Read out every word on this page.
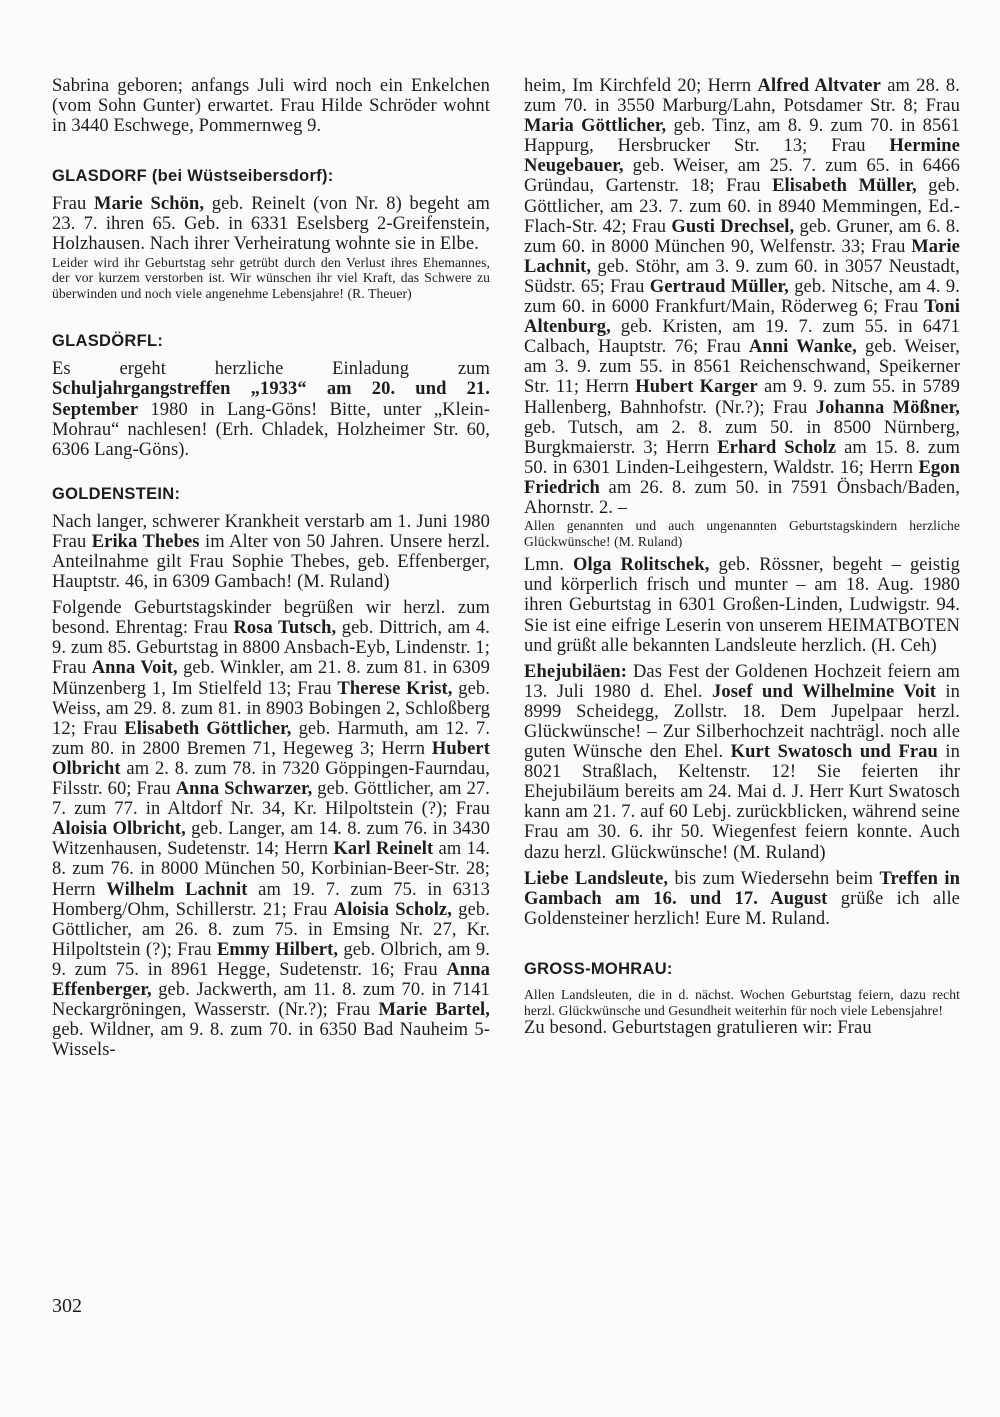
Sabrina geboren; anfangs Juli wird noch ein Enkelchen (vom Sohn Gunter) erwartet. Frau Hilde Schröder wohnt in 3440 Eschwege, Pommernweg 9.

GLASDORF (bei Wüstseibersdorf):

Frau Marie Schön, geb. Reinelt (von Nr. 8) begeht am 23. 7. ihren 65. Geb. in 6331 Eselsberg 2-Greifenstein, Holzhausen. Nach ihrer Verheiratung wohnte sie in Elbe.

Leider wird ihr Geburtstag sehr getrübt durch den Verlust ihres Ehemannes, der vor kurzem verstorben ist. Wir wünschen ihr viel Kraft, das Schwere zu überwinden und noch viele angenehme Lebensjahre! (R. Theuer)

GLASDÖRFL:

Es ergeht herzliche Einladung zum Schuljahrgangstreffen „1933“ am 20. und 21. September 1980 in Lang-Göns! Bitte, unter „Klein-Mohrau“ nachlesen! (Erh. Chladek, Holzheimer Str. 60, 6306 Lang-Göns).

GOLDENSTEIN:

Nach langer, schwerer Krankheit verstarb am 1. Juni 1980 Frau Erika Thebes im Alter von 50 Jahren. Unsere herzl. Anteilnahme gilt Frau Sophie Thebes, geb. Effenberger, Hauptstr. 46, in 6309 Gambach! (M. Ruland)

Folgende Geburtstagskinder begrüßen wir herzl. zum besond. Ehrentag: Frau Rosa Tutsch, geb. Dittrich, am 4. 9. zum 85. Geburtstag in 8800 Ansbach-Eyb, Lindenstr. 1; Frau Anna Voit, geb. Winkler, am 21. 8. zum 81. in 6309 Münzenberg 1, Im Stielfeld 13; Frau Therese Krist, geb. Weiss, am 29. 8. zum 81. in 8903 Bobingen 2, Schloßberg 12; Frau Elisabeth Göttlicher, geb. Harmuth, am 12. 7. zum 80. in 2800 Bremen 71, Hegeweg 3; Herrn Hubert Olbricht am 2. 8. zum 78. in 7320 Göppingen-Faurndau, Filsstr. 60; Frau Anna Schwarzer, geb. Göttlicher, am 27. 7. zum 77. in Altdorf Nr. 34, Kr. Hilpoltstein (?); Frau Aloisia Olbricht, geb. Langer, am 14. 8. zum 76. in 3430 Witzenhausen, Sudetenstr. 14; Herrn Karl Reinelt am 14. 8. zum 76. in 8000 München 50, Korbinian-Beer-Str. 28; Herrn Wilhelm Lachnit am 19. 7. zum 75. in 6313 Homberg/Ohm, Schillerstr. 21; Frau Aloisia Scholz, geb. Göttlicher, am 26. 8. zum 75. in Emsing Nr. 27, Kr. Hilpoltstein (?); Frau Emmy Hilbert, geb. Olbrich, am 9. 9. zum 75. in 8961 Hegge, Sudetenstr. 16; Frau Anna Effenberger, geb. Jackwerth, am 11. 8. zum 70. in 7141 Neckargröningen, Wasserstr. (Nr.?); Frau Marie Bartel, geb. Wildner, am 9. 8. zum 70. in 6350 Bad Nauheim 5-Wissels-

heim, Im Kirchfeld 20; Herrn Alfred Altvater am 28. 8. zum 70. in 3550 Marburg/Lahn, Potsdamer Str. 8; Frau Maria Göttlicher, geb. Tinz, am 8. 9. zum 70. in 8561 Happurg, Hersbrucker Str. 13; Frau Hermine Neugebauer, geb. Weiser, am 25. 7. zum 65. in 6466 Gründau, Gartenstr. 18; Frau Elisabeth Müller, geb. Göttlicher, am 23. 7. zum 60. in 8940 Memmingen, Ed.-Flach-Str. 42; Frau Gusti Drechsel, geb. Gruner, am 6. 8. zum 60. in 8000 München 90, Welfenstr. 33; Frau Marie Lachnit, geb. Stöhr, am 3. 9. zum 60. in 3057 Neustadt, Südstr. 65; Frau Gertraud Müller, geb. Nitsche, am 4. 9. zum 60. in 6000 Frankfurt/Main, Röderweg 6; Frau Toni Altenburg, geb. Kristen, am 19. 7. zum 55. in 6471 Calbach, Hauptstr. 76; Frau Anni Wanke, geb. Weiser, am 3. 9. zum 55. in 8561 Reichenschwand, Speikerner Str. 11; Herrn Hubert Karger am 9. 9. zum 55. in 5789 Hallenberg, Bahnhofstr. (Nr.?); Frau Johanna Mößner, geb. Tutsch, am 2. 8. zum 50. in 8500 Nürnberg, Burgkmaierstr. 3; Herrn Erhard Scholz am 15. 8. zum 50. in 6301 Linden-Leihgestern, Waldstr. 16; Herrn Egon Friedrich am 26. 8. zum 50. in 7591 Önsbach/Baden, Ahornstr. 2. –

Allen genannten und auch ungenannten Geburtstagskindern herzliche Glückwünsche! (M. Ruland)

Lmn. Olga Rolitschek, geb. Rössner, begeht – geistig und körperlich frisch und munter – am 18. Aug. 1980 ihren Geburtstag in 6301 Großen-Linden, Ludwigstr. 94. Sie ist eine eifrige Leserin von unserem HEIMATBOTEN und grüßt alle bekannten Landsleute herzlich. (H. Ceh)

Ehejubiläen: Das Fest der Goldenen Hochzeit feiern am 13. Juli 1980 d. Ehel. Josef und Wilhelmine Voit in 8999 Scheidegg, Zollstr. 18. Dem Jupelpaar herzl. Glückwünsche! – Zur Silberhochzeit nachträgl. noch alle guten Wünsche den Ehel. Kurt Swatosch und Frau in 8021 Straßlach, Keltenstr. 12! Sie feierten ihr Ehejubiläum bereits am 24. Mai d. J. Herr Kurt Swatosch kann am 21. 7. auf 60 Lebj. zurückblicken, während seine Frau am 30. 6. ihr 50. Wiegenfest feiern konnte. Auch dazu herzl. Glückwünsche! (M. Ruland)

Liebe Landsleute, bis zum Wiedersehn beim Treffen in Gambach am 16. und 17. August grüße ich alle Goldensteiner herzlich! Eure M. Ruland.

GROSS-MOHRAU:

Allen Landsleuten, die in d. nächst. Wochen Geburtstag feiern, dazu recht herzl. Glückwünsche und Gesundheit weiterhin für noch viele Lebensjahre!

Zu besond. Geburtstagen gratulieren wir: Frau

302
